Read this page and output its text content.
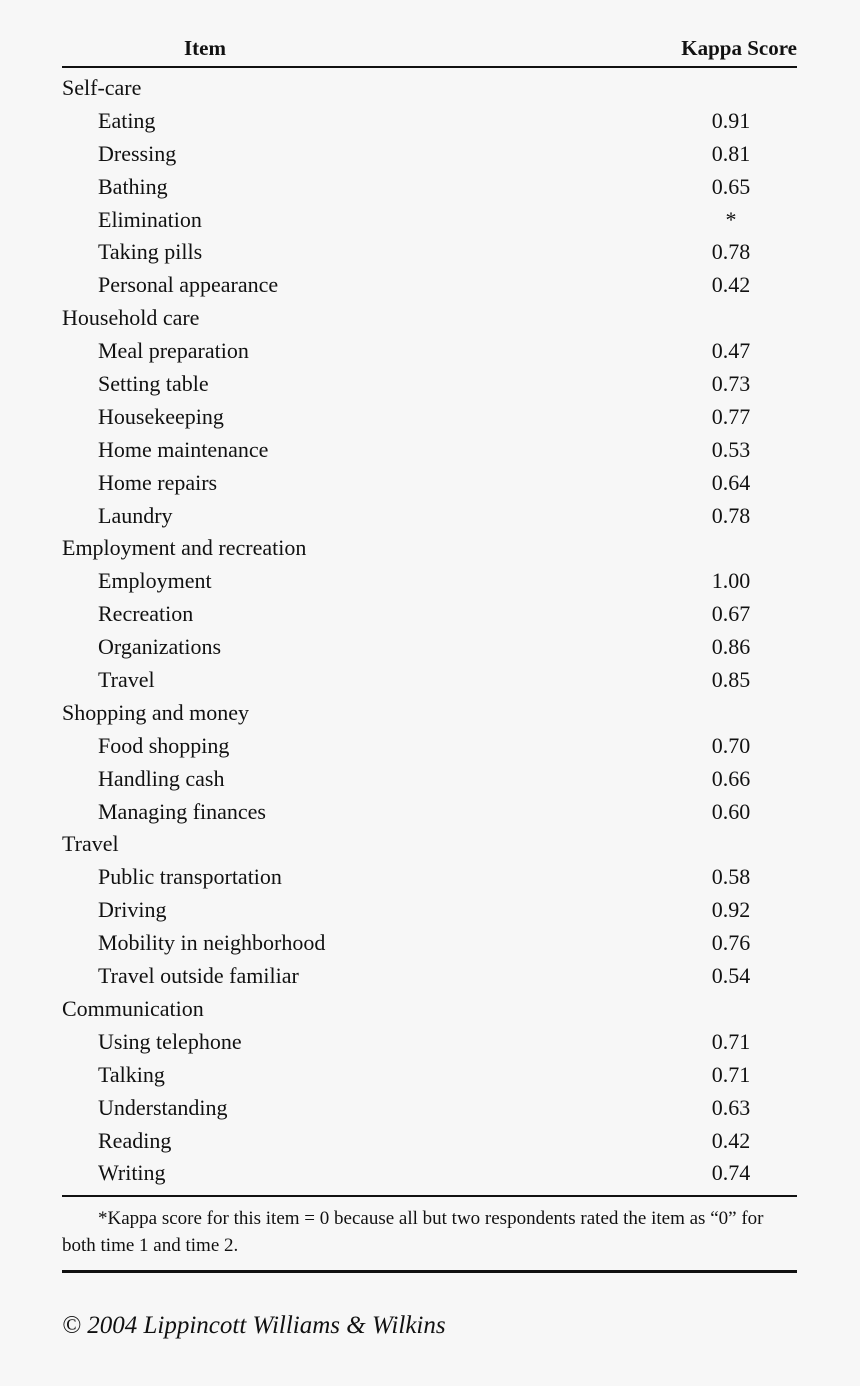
Item	Kappa Score
Self-care
Eating	0.91
Dressing	0.81
Bathing	0.65
Elimination	*
Taking pills	0.78
Personal appearance	0.42
Household care
Meal preparation	0.47
Setting table	0.73
Housekeeping	0.77
Home maintenance	0.53
Home repairs	0.64
Laundry	0.78
Employment and recreation
Employment	1.00
Recreation	0.67
Organizations	0.86
Travel	0.85
Shopping and money
Food shopping	0.70
Handling cash	0.66
Managing finances	0.60
Travel
Public transportation	0.58
Driving	0.92
Mobility in neighborhood	0.76
Travel outside familiar	0.54
Communication
Using telephone	0.71
Talking	0.71
Understanding	0.63
Reading	0.42
Writing	0.74
*Kappa score for this item = 0 because all but two respondents rated the item as “0” for both time 1 and time 2.
© 2004 Lippincott Williams & Wilkins
